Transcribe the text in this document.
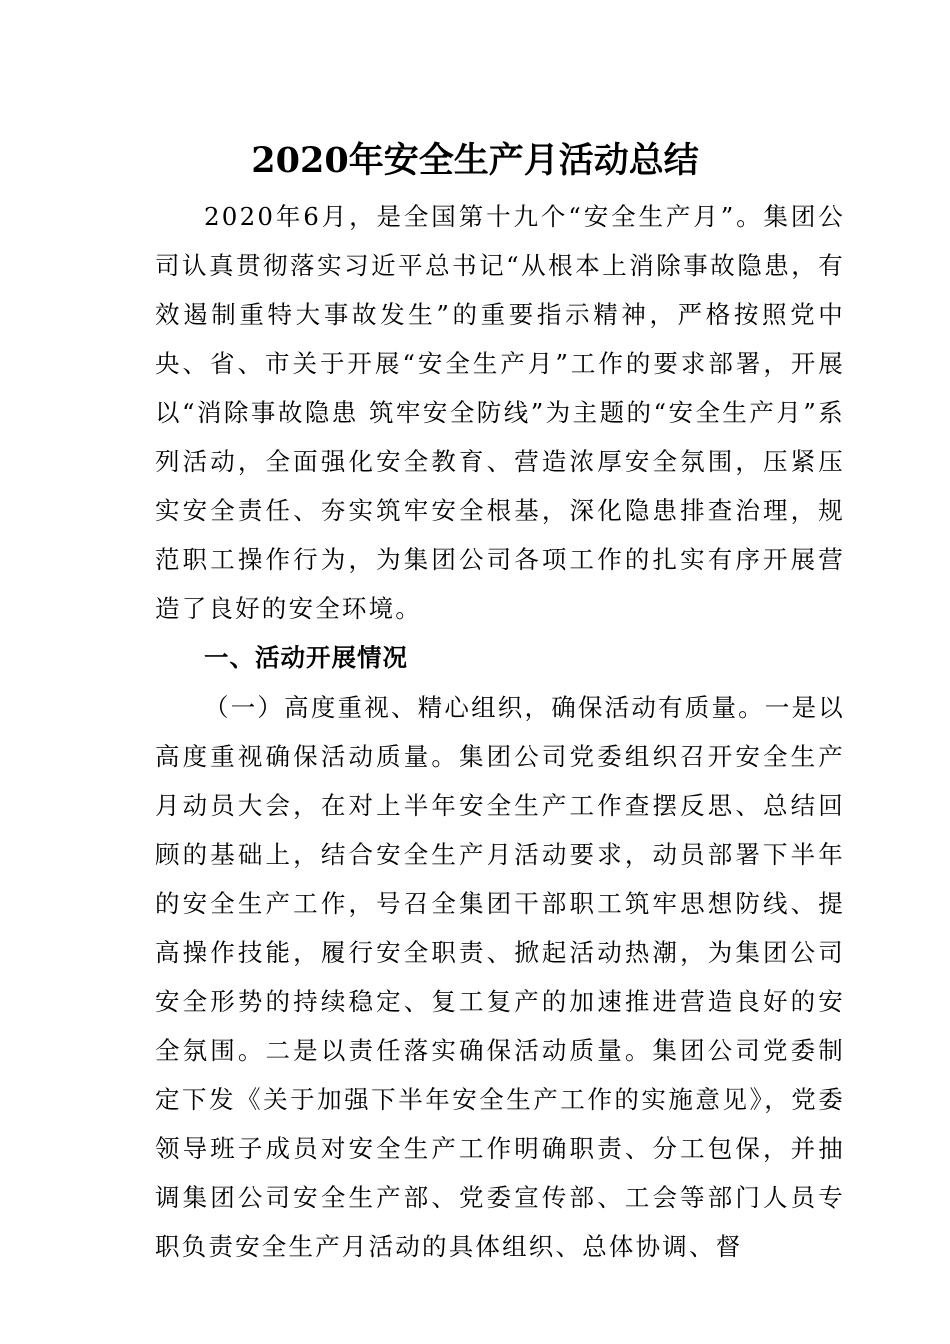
2020年安全生产月活动总结

2020年6月，是全国第十九个“安全生产月”。集团公司认真贯彻落实习近平总书记“从根本上消除事故隐患，有效遏制重特大事故发生”的重要指示精神，严格按照党中央、省、市关于开展“安全生产月”工作的要求部署，开展以“消除事故隐患 筑牢安全防线”为主题的“安全生产月”系列活动，全面强化安全教育、营造浓厚安全氛围，压紧压实安全责任、夯实筑牢安全根基，深化隐患排查治理，规范职工操作行为，为集团公司各项工作的扎实有序开展营造了良好的安全环境。

一、活动开展情况

（一）高度重视、精心组织，确保活动有质量。一是以高度重视确保活动质量。集团公司党委组织召开安全生产月动员大会，在对上半年安全生产工作查摆反思、总结回顾的基础上，结合安全生产月活动要求，动员部署下半年的安全生产工作，号召全集团干部职工筑牢思想防线、提高操作技能，履行安全职责、掀起活动热潮，为集团公司安全形势的持续稳定、复工复产的加速推进营造良好的安全氛围。二是以责任落实确保活动质量。集团公司党委制定下发《关于加强下半年安全生产工作的实施意见》，党委领导班子成员对安全生产工作明确职责、分工包保，并抽调集团公司安全生产部、党委宣传部、工会等部门人员专职负责安全生产月活动的具体组织、总体协调、督
